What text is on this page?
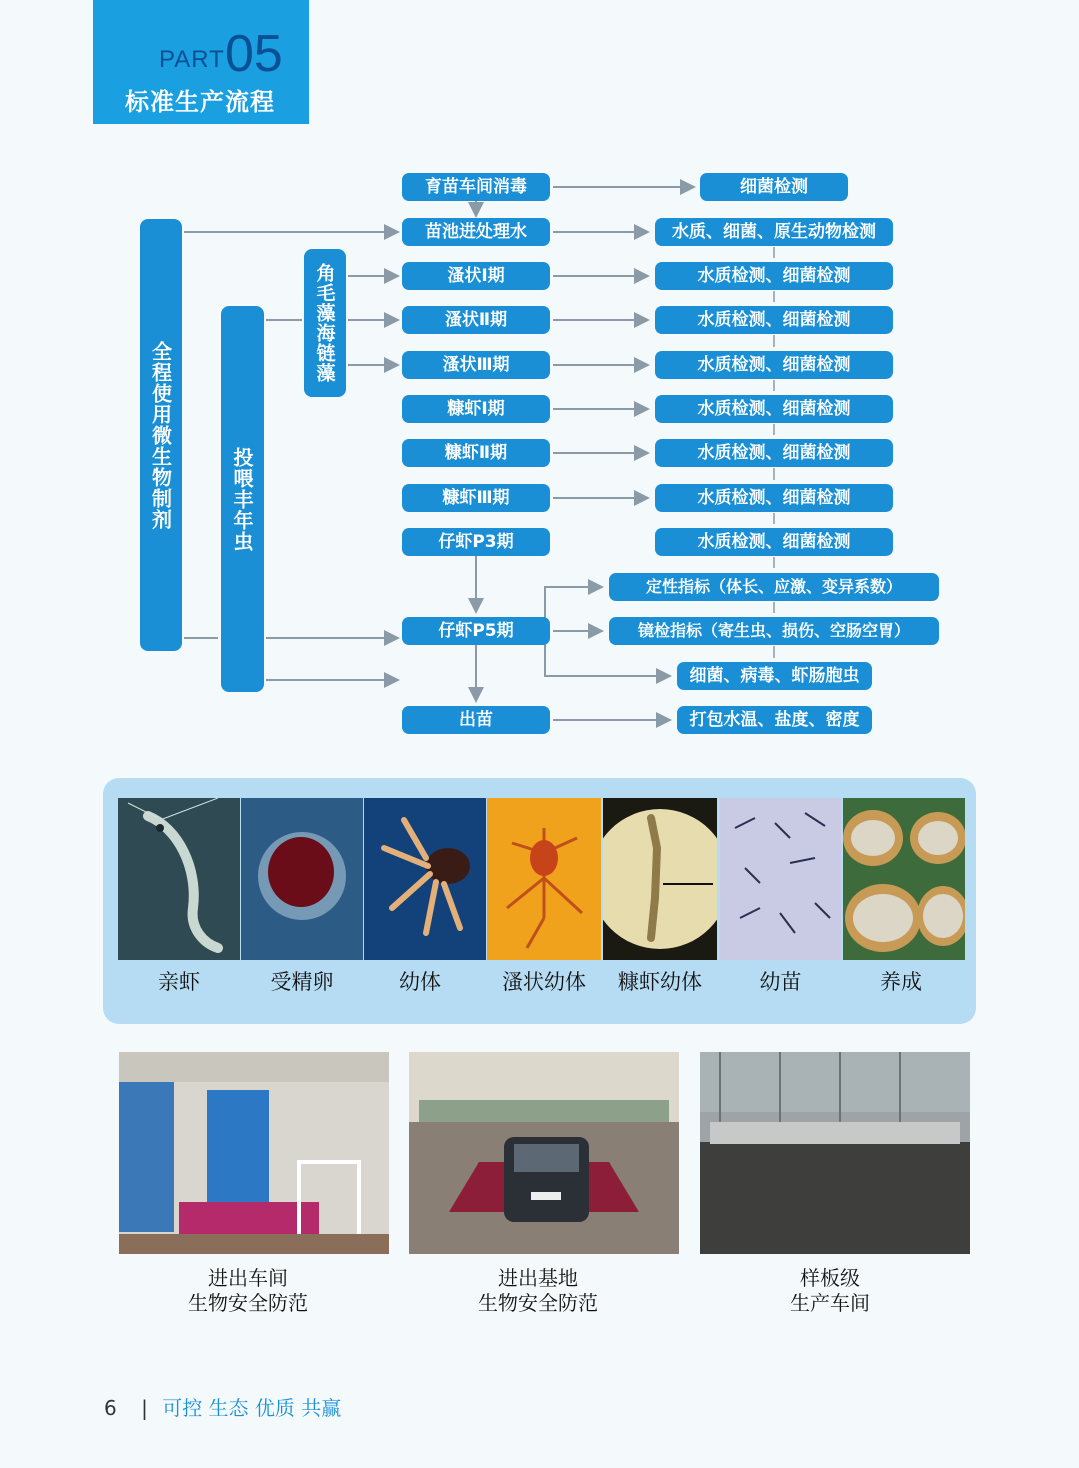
PART 05
标准生产流程
全程使用微生物制剂	投喂丰年虫
角毛藻海链藻
育苗车间消毒
苗池进处理水
溞状Ⅰ期
溞状Ⅱ期
溞状Ⅲ期
糠虾Ⅰ期
糠虾Ⅱ期
糠虾Ⅲ期
仔虾P3期
仔虾P5期
出苗
细菌检测
水质、细菌、原生动物检测
水质检测、细菌检测
水质检测、细菌检测
水质检测、细菌检测
水质检测、细菌检测
水质检测、细菌检测
水质检测、细菌检测
水质检测、细菌检测
定性指标（体长、应激、变异系数）
镜检指标（寄生虫、损伤、空肠空胃）
细菌、病毒、虾肠胞虫
打包水温、盐度、密度
亲虾	受精卵	幼体	溞状幼体	糠虾幼体	幼苗	养成
进出车间
生物安全防范
进出基地
生物安全防范
样板级
生产车间
6 | 可控 生态 优质 共赢
